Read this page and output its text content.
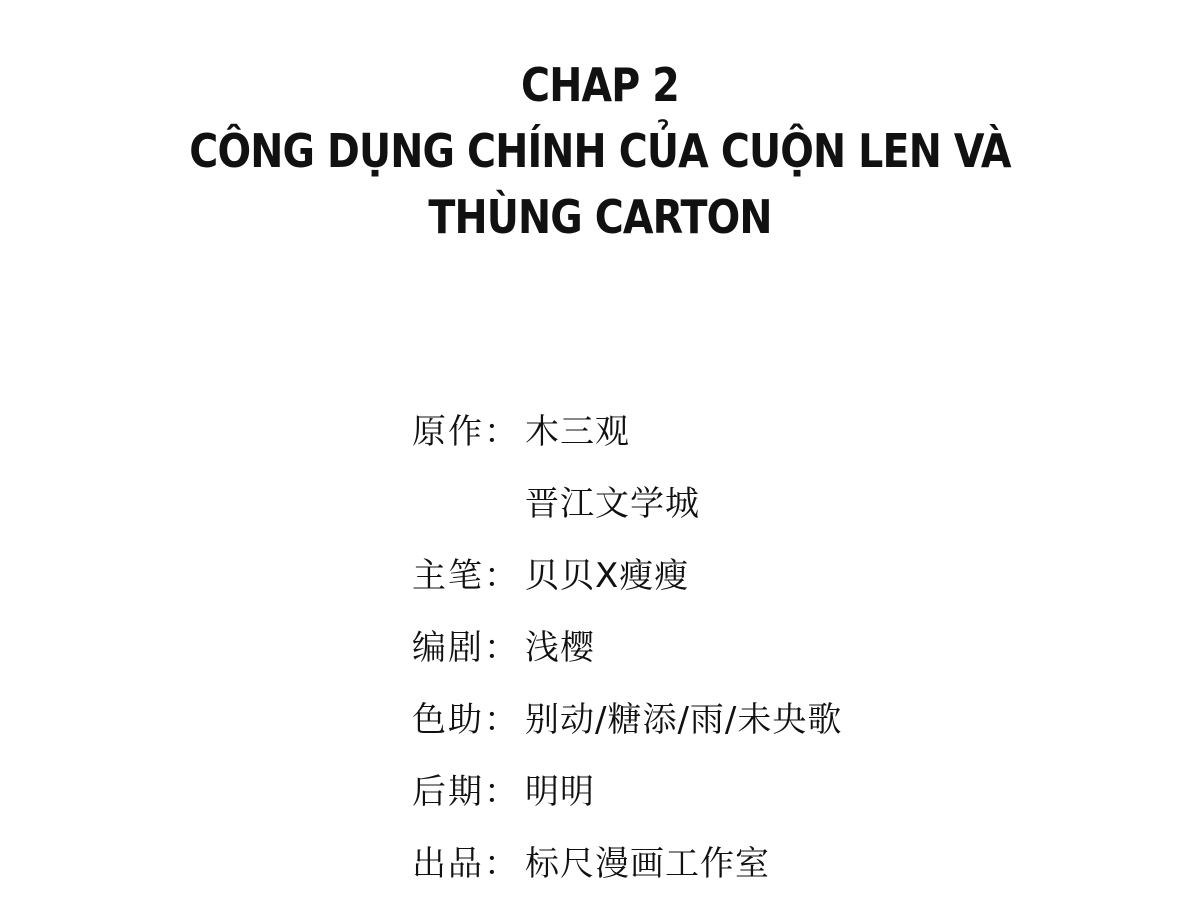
CHAP 2
CÔNG DỤNG CHÍNH CỦA CUỘN LEN VÀ
THÙNG CARTON
原作 ： 木三观
晋江文学城
主笔 ： 贝贝X瘦瘦
编剧 ： 浅樱
色助 ： 别动/糖添/雨/未央歌
后期 ： 明明
出品 ： 标尺漫画工作室
